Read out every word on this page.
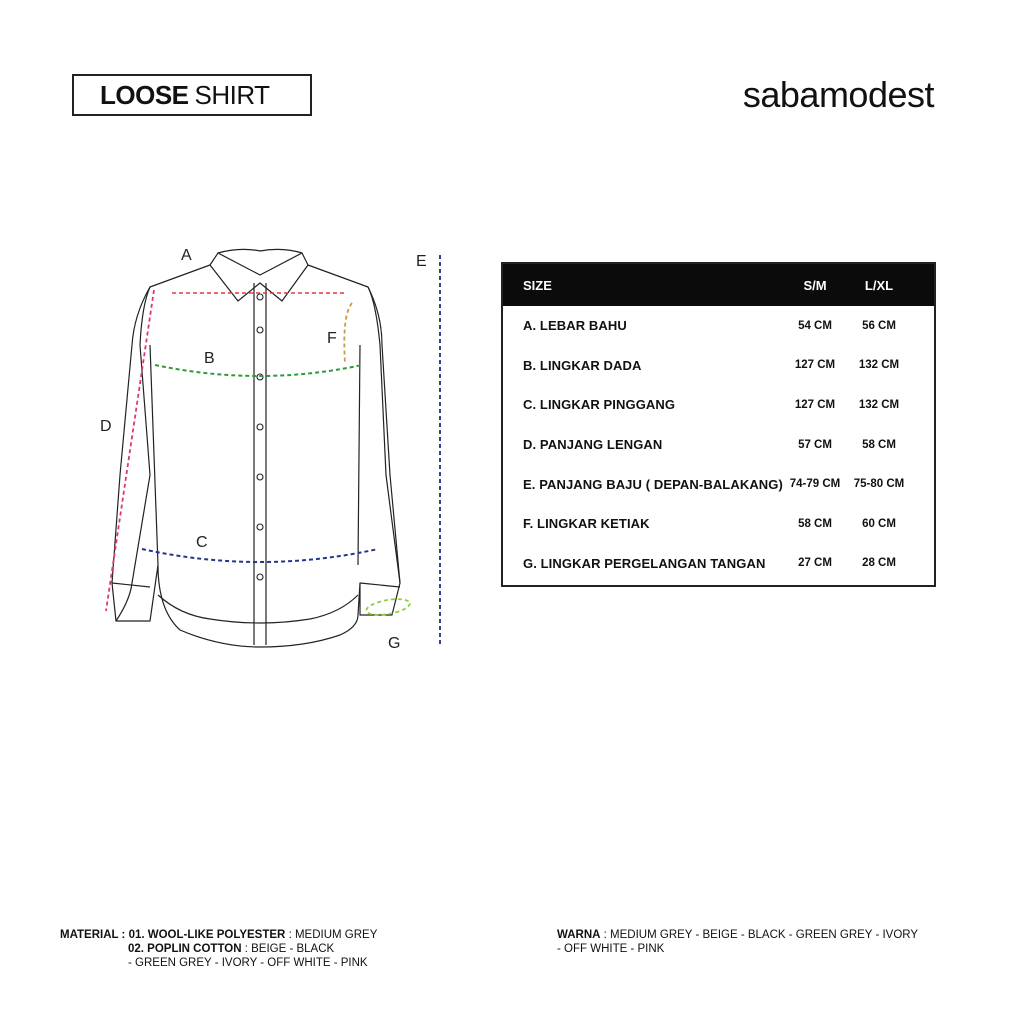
LOOSE SHIRT	sabamodest
A
B
C
D
E
F
G
SIZE	S/M	L/XL
A. LEBAR BAHU	54 CM	56 CM
B. LINGKAR DADA	127 CM	132 CM
C. LINGKAR PINGGANG	127 CM	132 CM
D. PANJANG LENGAN	57 CM	58 CM
E. PANJANG BAJU ( DEPAN-BALAKANG) 74-79 CM	75-80 CM
F. LINGKAR KETIAK	58 CM	60 CM
G. LINGKAR PERGELANGAN TANGAN	27 CM	28 CM
MATERIAL : 01. WOOL-LIKE POLYESTER : MEDIUM GREY
02. POPLIN COTTON : BEIGE - BLACK
- GREEN GREY - IVORY - OFF WHITE - PINK
WARNA : MEDIUM GREY - BEIGE - BLACK - GREEN GREY - IVORY
- OFF WHITE - PINK
